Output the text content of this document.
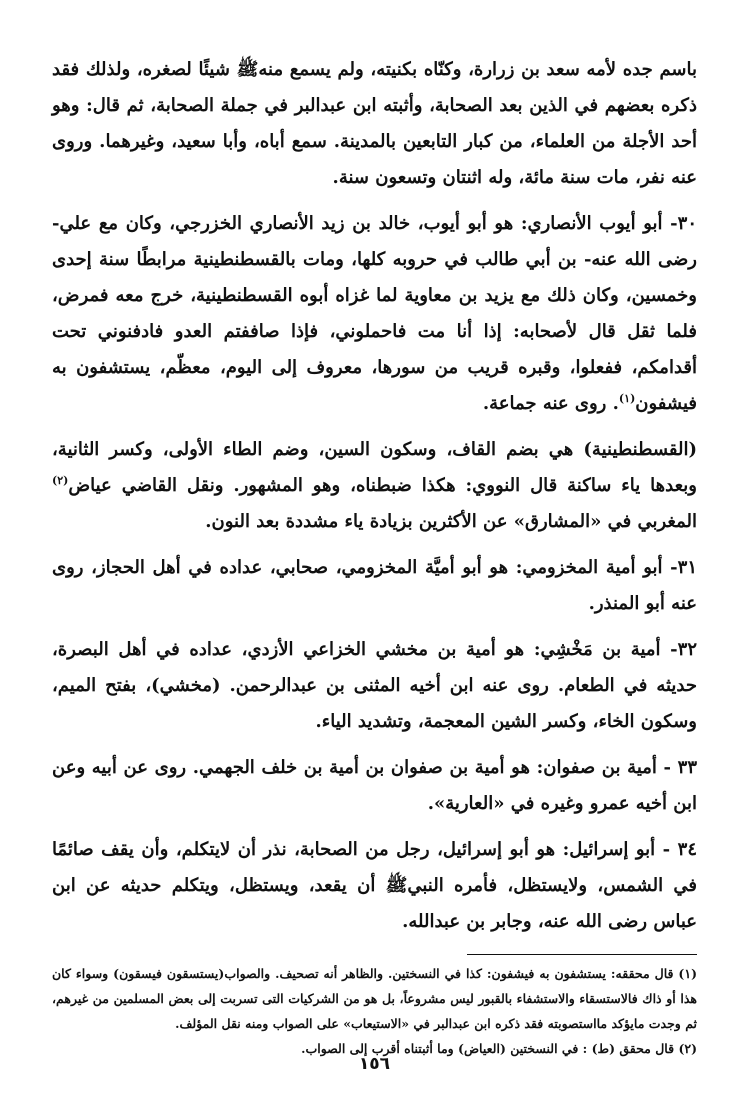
باسم جده لأمه سعد بن زرارة، وكنّاه بكنيته، ولم يسمع منهﷺ شيئًا لصغره، ولذلك فقد ذكره بعضهم في الذين بعد الصحابة، وأثبته ابن عبدالبر في جملة الصحابة، ثم قال: وهو أحد الأجلة من العلماء، من كبار التابعين بالمدينة. سمع أباه، وأبا سعيد، وغيرهما. وروى عنه نفر، مات سنة مائة، وله اثنتان وتسعون سنة.

٣٠- أبو أيوب الأنصاري: هو أبو أيوب، خالد بن زيد الأنصاري الخزرجي، وكان مع علي- رضى الله عنه- بن أبي طالب في حروبه كلها، ومات بالقسطنطينية مرابطًا سنة إحدى وخمسين، وكان ذلك مع يزيد بن معاوية لما غزاه أبوه القسطنطينية، خرج معه فمرض، فلما ثقل قال لأصحابه: إذا أنا مت فاحملوني، فإذا صاففتم العدو فادفنوني تحت أقدامكم، ففعلوا، وقبره قريب من سورها، معروف إلى اليوم، معظّم، يستشفون به فيشفون$^{(١)}$. روى عنه جماعة.

(القسطنطينية) هي بضم القاف، وسكون السين، وضم الطاء الأولى، وكسر الثانية، وبعدها ياء ساكنة قال النووي: هكذا ضبطناه، وهو المشهور. ونقل القاضي عياض$^{(٢)}$ المغربي في «المشارق» عن الأكثرين بزيادة ياء مشددة بعد النون.

٣١- أبو أمية المخزومي: هو أبو أميَّة المخزومي، صحابي، عداده في أهل الحجاز، روى عنه أبو المنذر.

٣٢- أمية بن مَخْشِي: هو أمية بن مخشي الخزاعي الأزدي، عداده في أهل البصرة، حديثه في الطعام. روى عنه ابن أخيه المثنى بن عبدالرحمن. (مخشي)، بفتح الميم، وسكون الخاء، وكسر الشين المعجمة، وتشديد الياء.

٣٣ - أمية بن صفوان: هو أمية بن صفوان بن أمية بن خلف الجهمي. روى عن أبيه وعن ابن أخيه عمرو وغيره في «العارية».

٣٤ - أبو إسرائيل: هو أبو إسرائيل، رجل من الصحابة، نذر أن لايتكلم، وأن يقف صائمًا في الشمس، ولايستظل، فأمره النبيﷺ أن يقعد، ويستظل، ويتكلم حديثه عن ابن عباس رضى الله عنه، وجابر بن عبدالله.

(١) قال محققه: يستشفون به فيشفون: كذا في النسختين. والظاهر أنه تصحيف. والصواب(يستسقون فيسقون) وسواء كان هذا أو ذاك فالاستسقاء والاستشفاء بالقبور ليس مشروعاً، بل هو من الشركيات التى تسربت إلى بعض المسلمين من غيرهم، ثم وجدت مايؤكد مااستصوبته فقد ذكره ابن عبدالبر في «الاستيعاب» على الصواب ومنه نقل المؤلف.

(٢) قال محقق (ط) : في النسختين (العياض) وما أثبتناه أقرب إلى الصواب.

١٥٦
